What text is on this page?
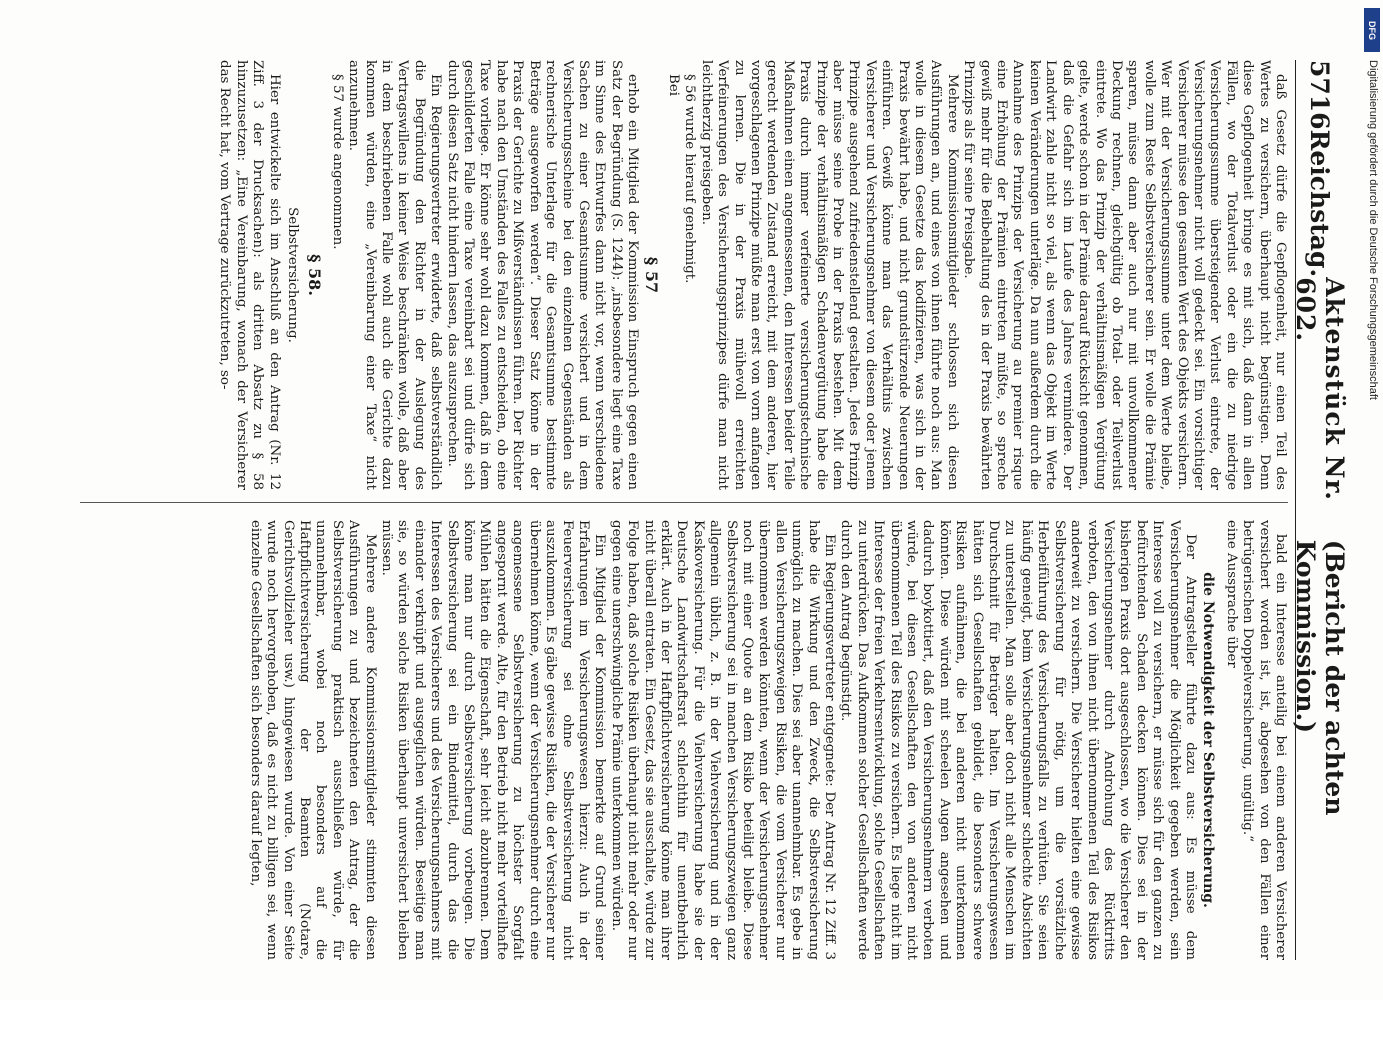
5716
Reichstag.
Aktenstück Nr. 602.
(Bericht der achten Kommission.)

daß Gesetz dürfe die Gepflogenheit, nur einen Teil des Wertes zu versichern, überhaupt nicht begünstigen. Denn diese Gepflogenheit bringe es mit sich, daß dann in allen Fällen, wo der Totalverlust oder ein die zu niedrige Versicherungssumme übersteigender Verlust eintrete, der Versicherungsnehmer nicht voll gedeckt sei. Ein vorsichtiger Versicherer müsse den gesamten Wert des Objekts versichern. Wer mit der Versicherungssumme unter dem Werte bleibe, wolle zum Reste Selbstversicherer sein. Er wolle die Prämie sparen, müsse dann aber auch nur mit unvollkommener Deckung rechnen, gleichgültig ob Total- oder Teilverlust eintrete. Wo das Prinzip der verhältnismäßigen Vergütung gelte, werde schon in der Prämie darauf Rücksicht genommen, daß die Gefahr sich im Laufe des Jahres vermindere. Der Landwirt zahle nicht so viel, als wenn das Objekt im Werte keinen Veränderungen unterläge. Da nun außerdem durch die Annahme des Prinzips der Versicherung au premier risque eine Erhöhung der Prämien eintreten müßte, so spreche gewiß mehr für die Beibehaltung des in der Praxis bewährten Prinzips als für seine Preisgabe.

Mehrere Kommissionsmitglieder schlossen sich diesen Ausführungen an, und eines von ihnen führte noch aus: Man wolle in diesem Gesetze das kodifizieren, was sich in der Praxis bewährt habe, und nicht grundstürzende Neuerungen einführen. Gewiß könne man das Verhältnis zwischen Versicherer und Versicherungsnehmer von diesem oder jenem Prinzipe ausgehend zufriedenstellend gestalten. Jedes Prinzip aber müsse seine Probe in der Praxis bestehen. Mit dem Prinzipe der verhältnismäßigen Schadenvergütung habe die Praxis durch immer verfeinerte versicherungstechnische Maßnahmen einen angemessenen, den Interessen beider Teile gerecht werdenden Zustand erreicht, mit dem anderen, hier vorgeschlagenen Prinzipe müßte man erst von vorn anfangen zu lernen. Die in der Praxis mühevoll erreichten Verfeinerungen des Versicherungsprinzipes dürfe man nicht leichtherzig preisgeben.

§ 56 wurde hierauf genehmigt.

Bei

§ 57

erhob ein Mitglied der Kommission Einspruch gegen einen Satz der Begründung (S. 1244): „insbesondere liegt eine Taxe im Sinne des Entwurfes dann nicht vor, wenn verschiedene Sachen zu einer Gesamtsumme versichert und in dem Versicherungsscheine bei den einzelnen Gegenständen als rechnerische Unterlage für die Gesamtsumme bestimmte Beträge ausgeworfen werden“. Dieser Satz könne in der Praxis der Gerichte zu Mißverständnissen führen. Der Richter habe nach den Umständen des Falles zu entscheiden, ob eine Taxe vorliege. Er könne sehr wohl dazu kommen, daß in dem geschilderten Falle eine Taxe vereinbart sei und dürfe sich durch diesen Satz nicht hindern lassen, das auszusprechen.

Ein Regierungsvertreter erwiderte, daß selbstverständlich die Begründung den Richter in der Auslegung des Vertragswillens in keiner Weise beschränken wolle, daß aber in dem beschriebenen Falle wohl auch die Gerichte dazu kommen würden, eine „Vereinbarung einer Taxe“ nicht anzunehmen.

§ 57 wurde angenommen.

§ 58.

Selbstversicherung.

Hier entwickelte sich im Anschluß an den Antrag (Nr. 12 Ziff. 3 der Drucksachen): als dritten Absatz zu § 58 hinzuzusetzen: „Eine Vereinbarung, wonach der Versicherer das Recht hat, vom Vertrage zurückzutreten, so-

bald ein Interesse anteilig bei einem anderen Versicherer versichert worden ist, ist, abgesehen von den Fällen einer betrügerischen Doppelversicherung, ungültig.“

eine Aussprache über

die Notwendigkeit der Selbstversicherung.

Der Antragsteller führte dazu aus: Es müsse dem Versicherungsnehmer die Möglichkeit gegeben werden, sein Interesse voll zu versichern, er müsse sich für den ganzen zu befürchtenden Schaden decken können. Dies sei in der bisherigen Praxis dort ausgeschlossen, wo die Versicherer den Versicherungsnehmer durch Androhung des Rücktritts verboten, den von ihnen nicht übernommenen Teil des Risikos anderweit zu versichern. Die Versicherer hielten eine gewisse Selbstversicherung für nötig, um die vorsätzliche Herbeiführung des Versicherungsfalls zu verhüten. Sie seien häufig geneigt, beim Versicherungsnehmer schlechte Absichten zu unterstellen. Man solle aber doch nicht alle Menschen im Durchschnitt für Betrüger halten. Im Versicherungswesen hätten sich Gesellschaften gebildet, die besonders schwere Risiken aufnähmen, die bei anderen nicht unterkommen könnten. Diese würden mit scheelen Augen angesehen und dadurch boykottiert, daß den Versicherungsnehmern verboten würde, bei diesen Gesellschaften den von anderen nicht übernommenen Teil des Risikos zu versichern. Es liege nicht im Interesse der freien Verkehrsentwicklung, solche Gesellschaften zu unterdrücken. Das Aufkommen solcher Gesellschaften werde durch den Antrag begünstigt.

Ein Regierungsvertreter entgegnete: Der Antrag Nr. 12 Ziff. 3 habe die Wirkung und den Zweck, die Selbstversicherung unmöglich zu machen. Dies sei aber unannehmbar. Es gebe in allen Versicherungszweigen Risiken, die vom Versicherer nur übernommen werden könnten, wenn der Versicherungsnehmer noch mit einer Quote an dem Risiko beteiligt bleibe. Diese Selbstversicherung sei in manchen Versicherungszweigen ganz allgemein üblich, z. B. in der Viehversicherung und in der Kaskoversicherung. Für die Viehversicherung habe sie der Deutsche Landwirtschaftsrat schlechthin für unentbehrlich erklärt. Auch in der Haftpflichtversicherung könne man ihrer nicht überall entraten. Ein Gesetz, das sie ausschalte, würde zur Folge haben, daß solche Risiken überhaupt nicht mehr oder nur gegen eine unerschwingliche Prämie unterkommen würden.

Ein Mitglied der Kommission bemerkte auf Grund seiner Erfahrungen im Versicherungswesen hierzu: Auch in der Feuerversicherung sei ohne Selbstversicherung nicht auszukommen. Es gäbe gewisse Risiken, die der Versicherer nur übernehmen könne, wenn der Versicherungsnehmer durch eine angemessene Selbstversicherung zu höchster Sorgfalt angespornt werde. Alte, für den Betrieb nicht mehr vorteilhafte Mühlen hätten die Eigenschaft, sehr leicht abzubrennen. Dem könne man nur durch Selbstversicherung vorbeugen. Die Selbstversicherung sei ein Bindemittel, durch das die Interessen des Versicherers und des Versicherungsnehmers mit einander verknüpft und ausgeglichen würden. Beseitige man sie, so würden solche Risiken überhaupt unversichert bleiben müssen.

Mehrere andere Kommissionsmitglieder stimmten diesen Ausführungen zu und bezeichneten den Antrag, der die Selbstversicherung praktisch ausschließen würde, für unannehmbar, wobei noch besonders auf die Haftpflichtversicherung der Beamten (Notare, Gerichtsvollzieher usw.) hingewiesen wurde. Von einer Seite wurde noch hervorgehoben, daß es nicht zu billigen sei, wenn einzelne Gesellschaften sich besonders darauf legten,

DFG
Digitalisierung gefördert durch die Deutsche Forschungsgemeinschaft
